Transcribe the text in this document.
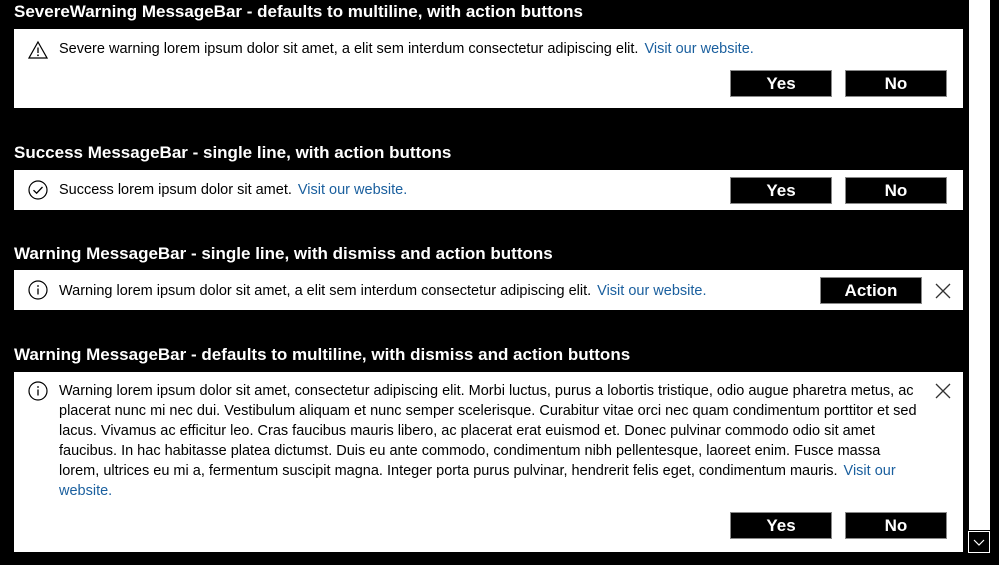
SevereWarning MessageBar - defaults to multiline, with action buttons
Severe warning lorem ipsum dolor sit amet, a elit sem interdum consectetur adipiscing elit. Visit our website.
Yes	No
Success MessageBar - single line, with action buttons
Success lorem ipsum dolor sit amet. Visit our website.	Yes	No
Warning MessageBar - single line, with dismiss and action buttons
Warning lorem ipsum dolor sit amet, a elit sem interdum consectetur adipiscing elit. Visit our website.	Action
Warning MessageBar - defaults to multiline, with dismiss and action buttons
Warning lorem ipsum dolor sit amet, consectetur adipiscing elit. Morbi luctus, purus a lobortis tristique, odio augue pharetra metus, ac placerat nunc mi nec dui. Vestibulum aliquam et nunc semper scelerisque. Curabitur vitae orci nec quam condimentum porttitor et sed lacus. Vivamus ac efficitur leo. Cras faucibus mauris libero, ac placerat erat euismod et. Donec pulvinar commodo odio sit amet faucibus. In hac habitasse platea dictumst. Duis eu ante commodo, condimentum nibh pellentesque, laoreet enim. Fusce massa lorem, ultrices eu mi a, fermentum suscipit magna. Integer porta purus pulvinar, hendrerit felis eget, condimentum mauris. Visit our website.
Yes	No
